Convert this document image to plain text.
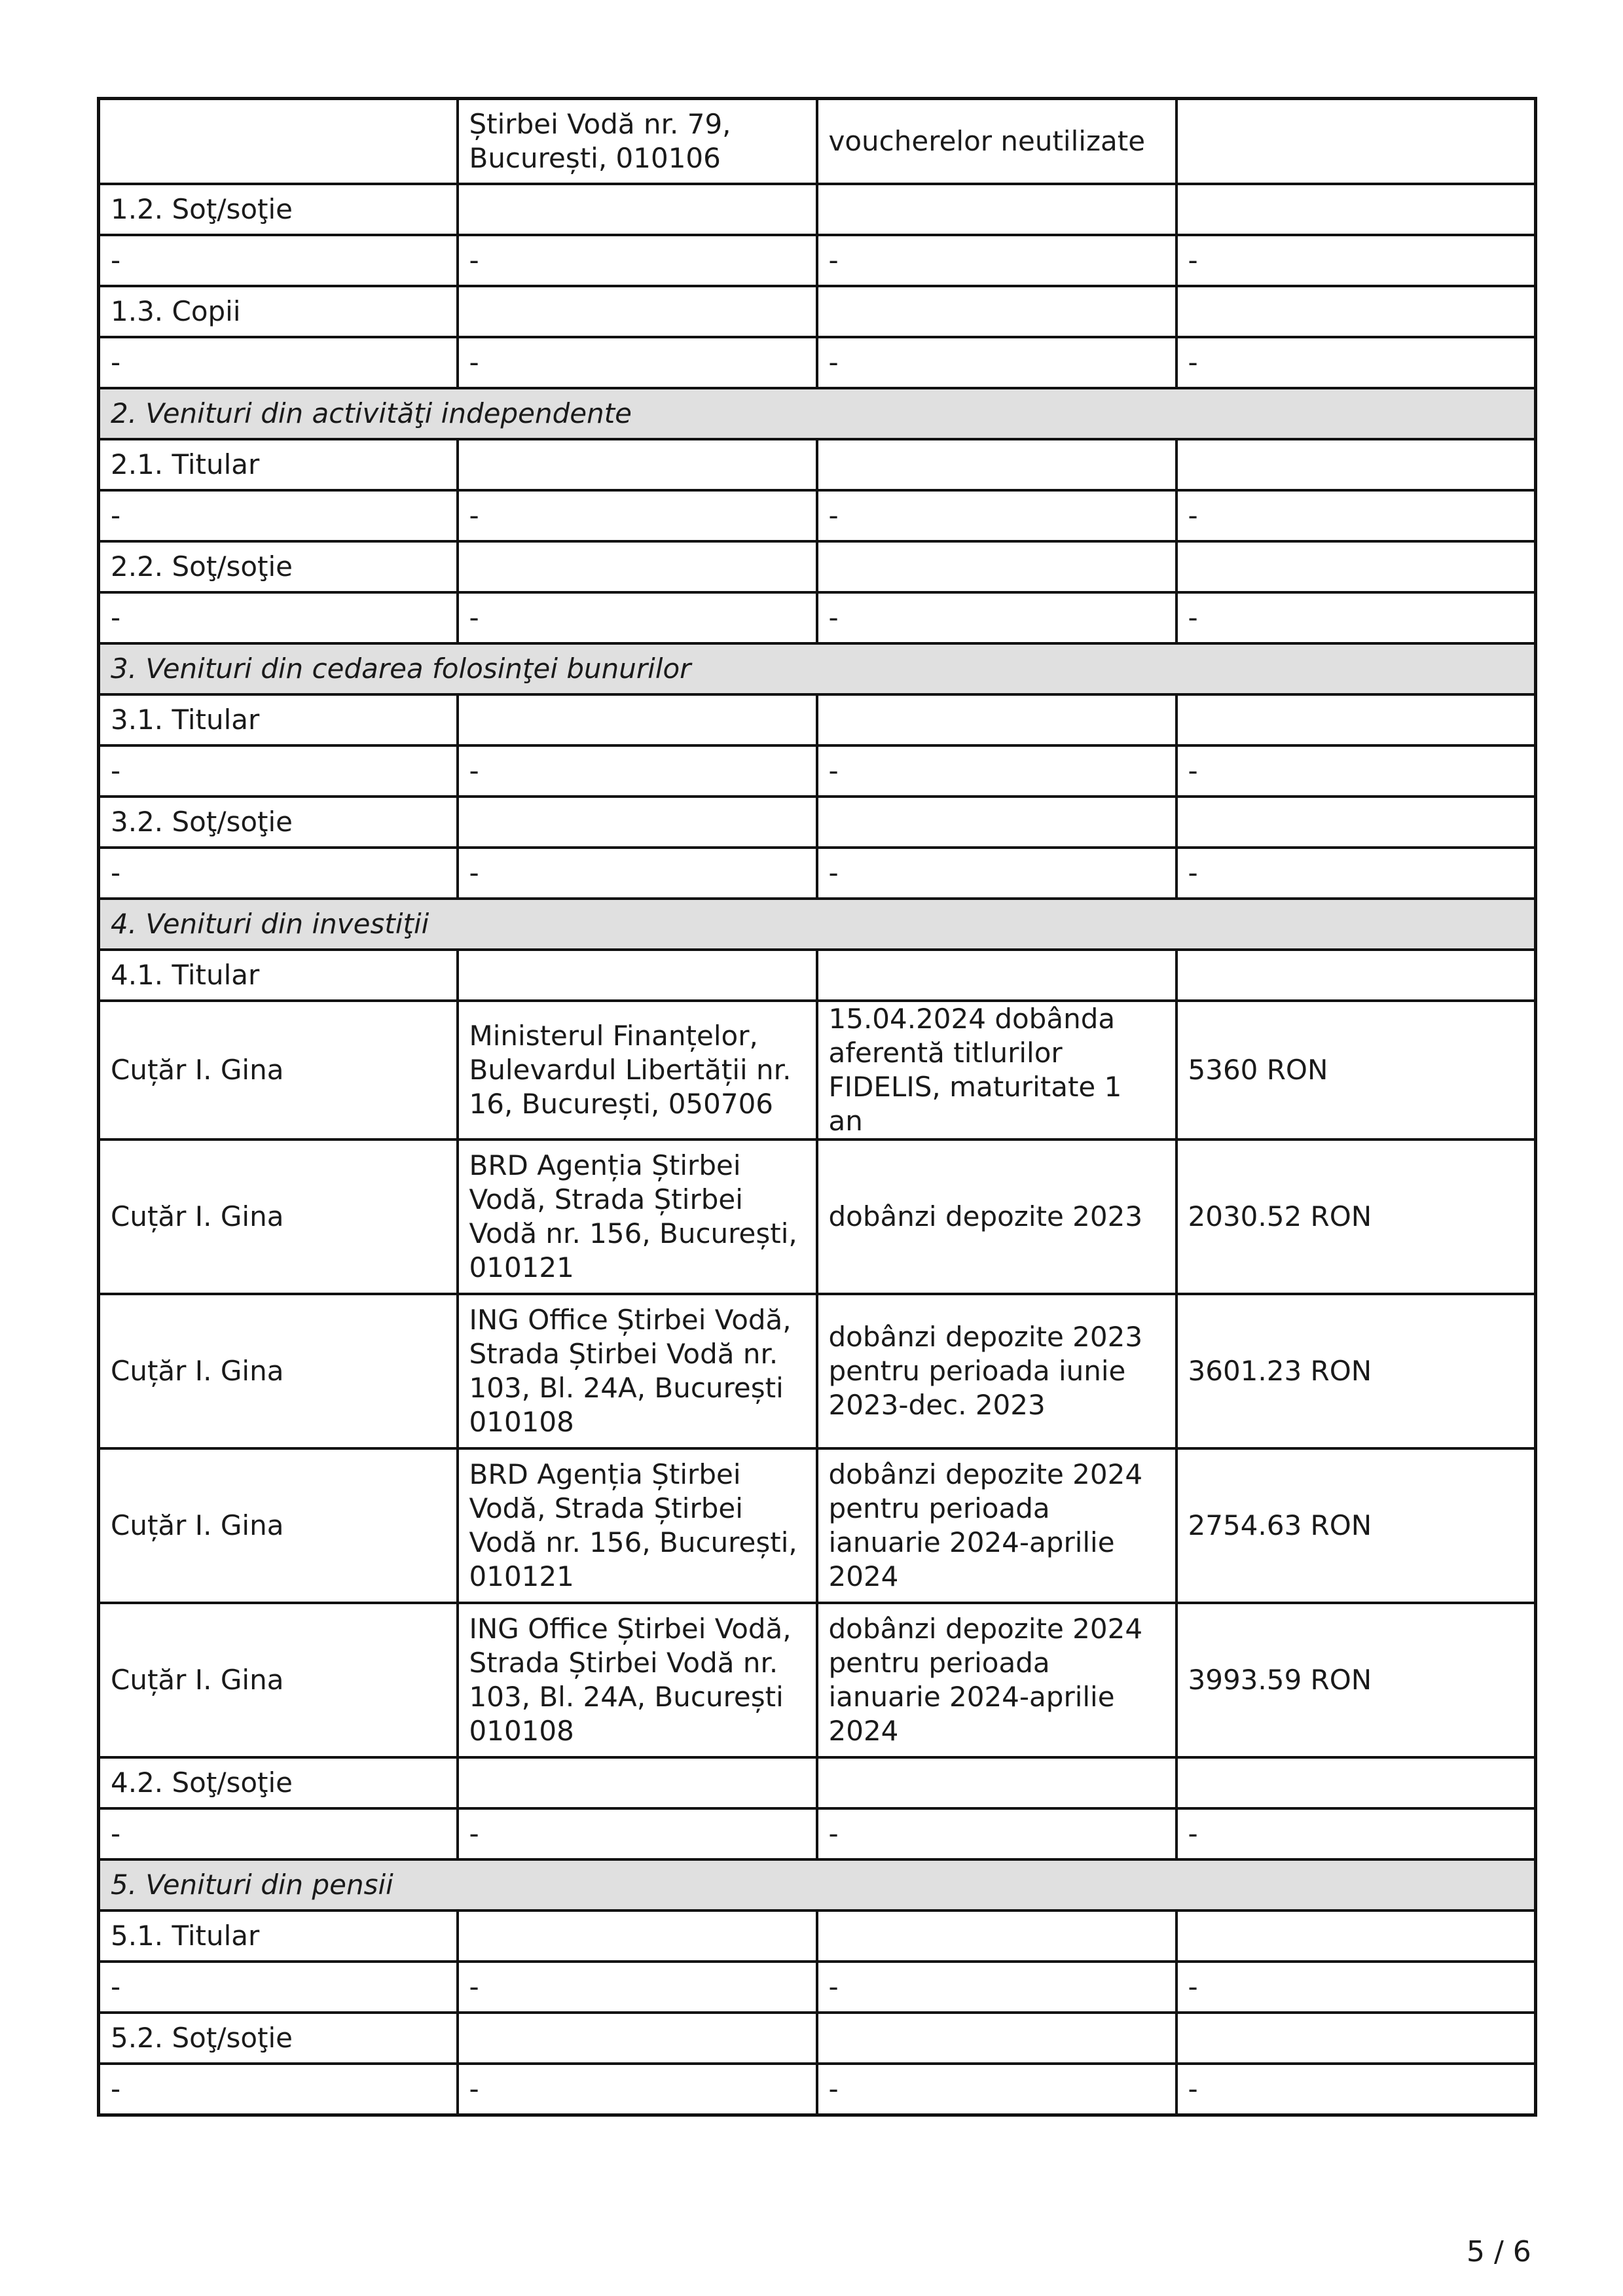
	Știrbei Vodă nr. 79, București, 010106	voucherelor neutilizate	
1.2. Soţ/soţie			
-	-	-	-
1.3. Copii			
-	-	-	-
2. Venituri din activităţi independente			
2.1. Titular			
-	-	-	-
2.2. Soţ/soţie			
-	-	-	-
3. Venituri din cedarea folosinţei bunurilor			
3.1. Titular			
-	-	-	-
3.2. Soţ/soţie			
-	-	-	-
4. Venituri din investiţii			
4.1. Titular			
Cuțăr I. Gina	Ministerul Finanțelor, Bulevardul Libertății nr. 16, București, 050706	15.04.2024 dobânda aferentă titlurilor FIDELIS, maturitate 1 an	5360 RON
Cuțăr I. Gina	BRD Agenția Știrbei Vodă, Strada Știrbei Vodă nr. 156, București, 010121	dobânzi depozite 2023	2030.52 RON
Cuțăr I. Gina	ING Office Știrbei Vodă, Strada Știrbei Vodă nr. 103, Bl. 24A, București 010108	dobânzi depozite 2023 pentru perioada iunie 2023-dec. 2023	3601.23 RON
Cuțăr I. Gina	BRD Agenția Știrbei Vodă, Strada Știrbei Vodă nr. 156, București, 010121	dobânzi depozite 2024 pentru perioada ianuarie 2024-aprilie 2024	2754.63 RON
Cuțăr I. Gina	ING Office Știrbei Vodă, Strada Știrbei Vodă nr. 103, Bl. 24A, București 010108	dobânzi depozite 2024 pentru perioada ianuarie 2024-aprilie 2024	3993.59 RON
4.2. Soţ/soţie			
-	-	-	-
5. Venituri din pensii			
5.1. Titular			
-	-	-	-
5.2. Soţ/soţie			
-	-	-	-
5 / 6
